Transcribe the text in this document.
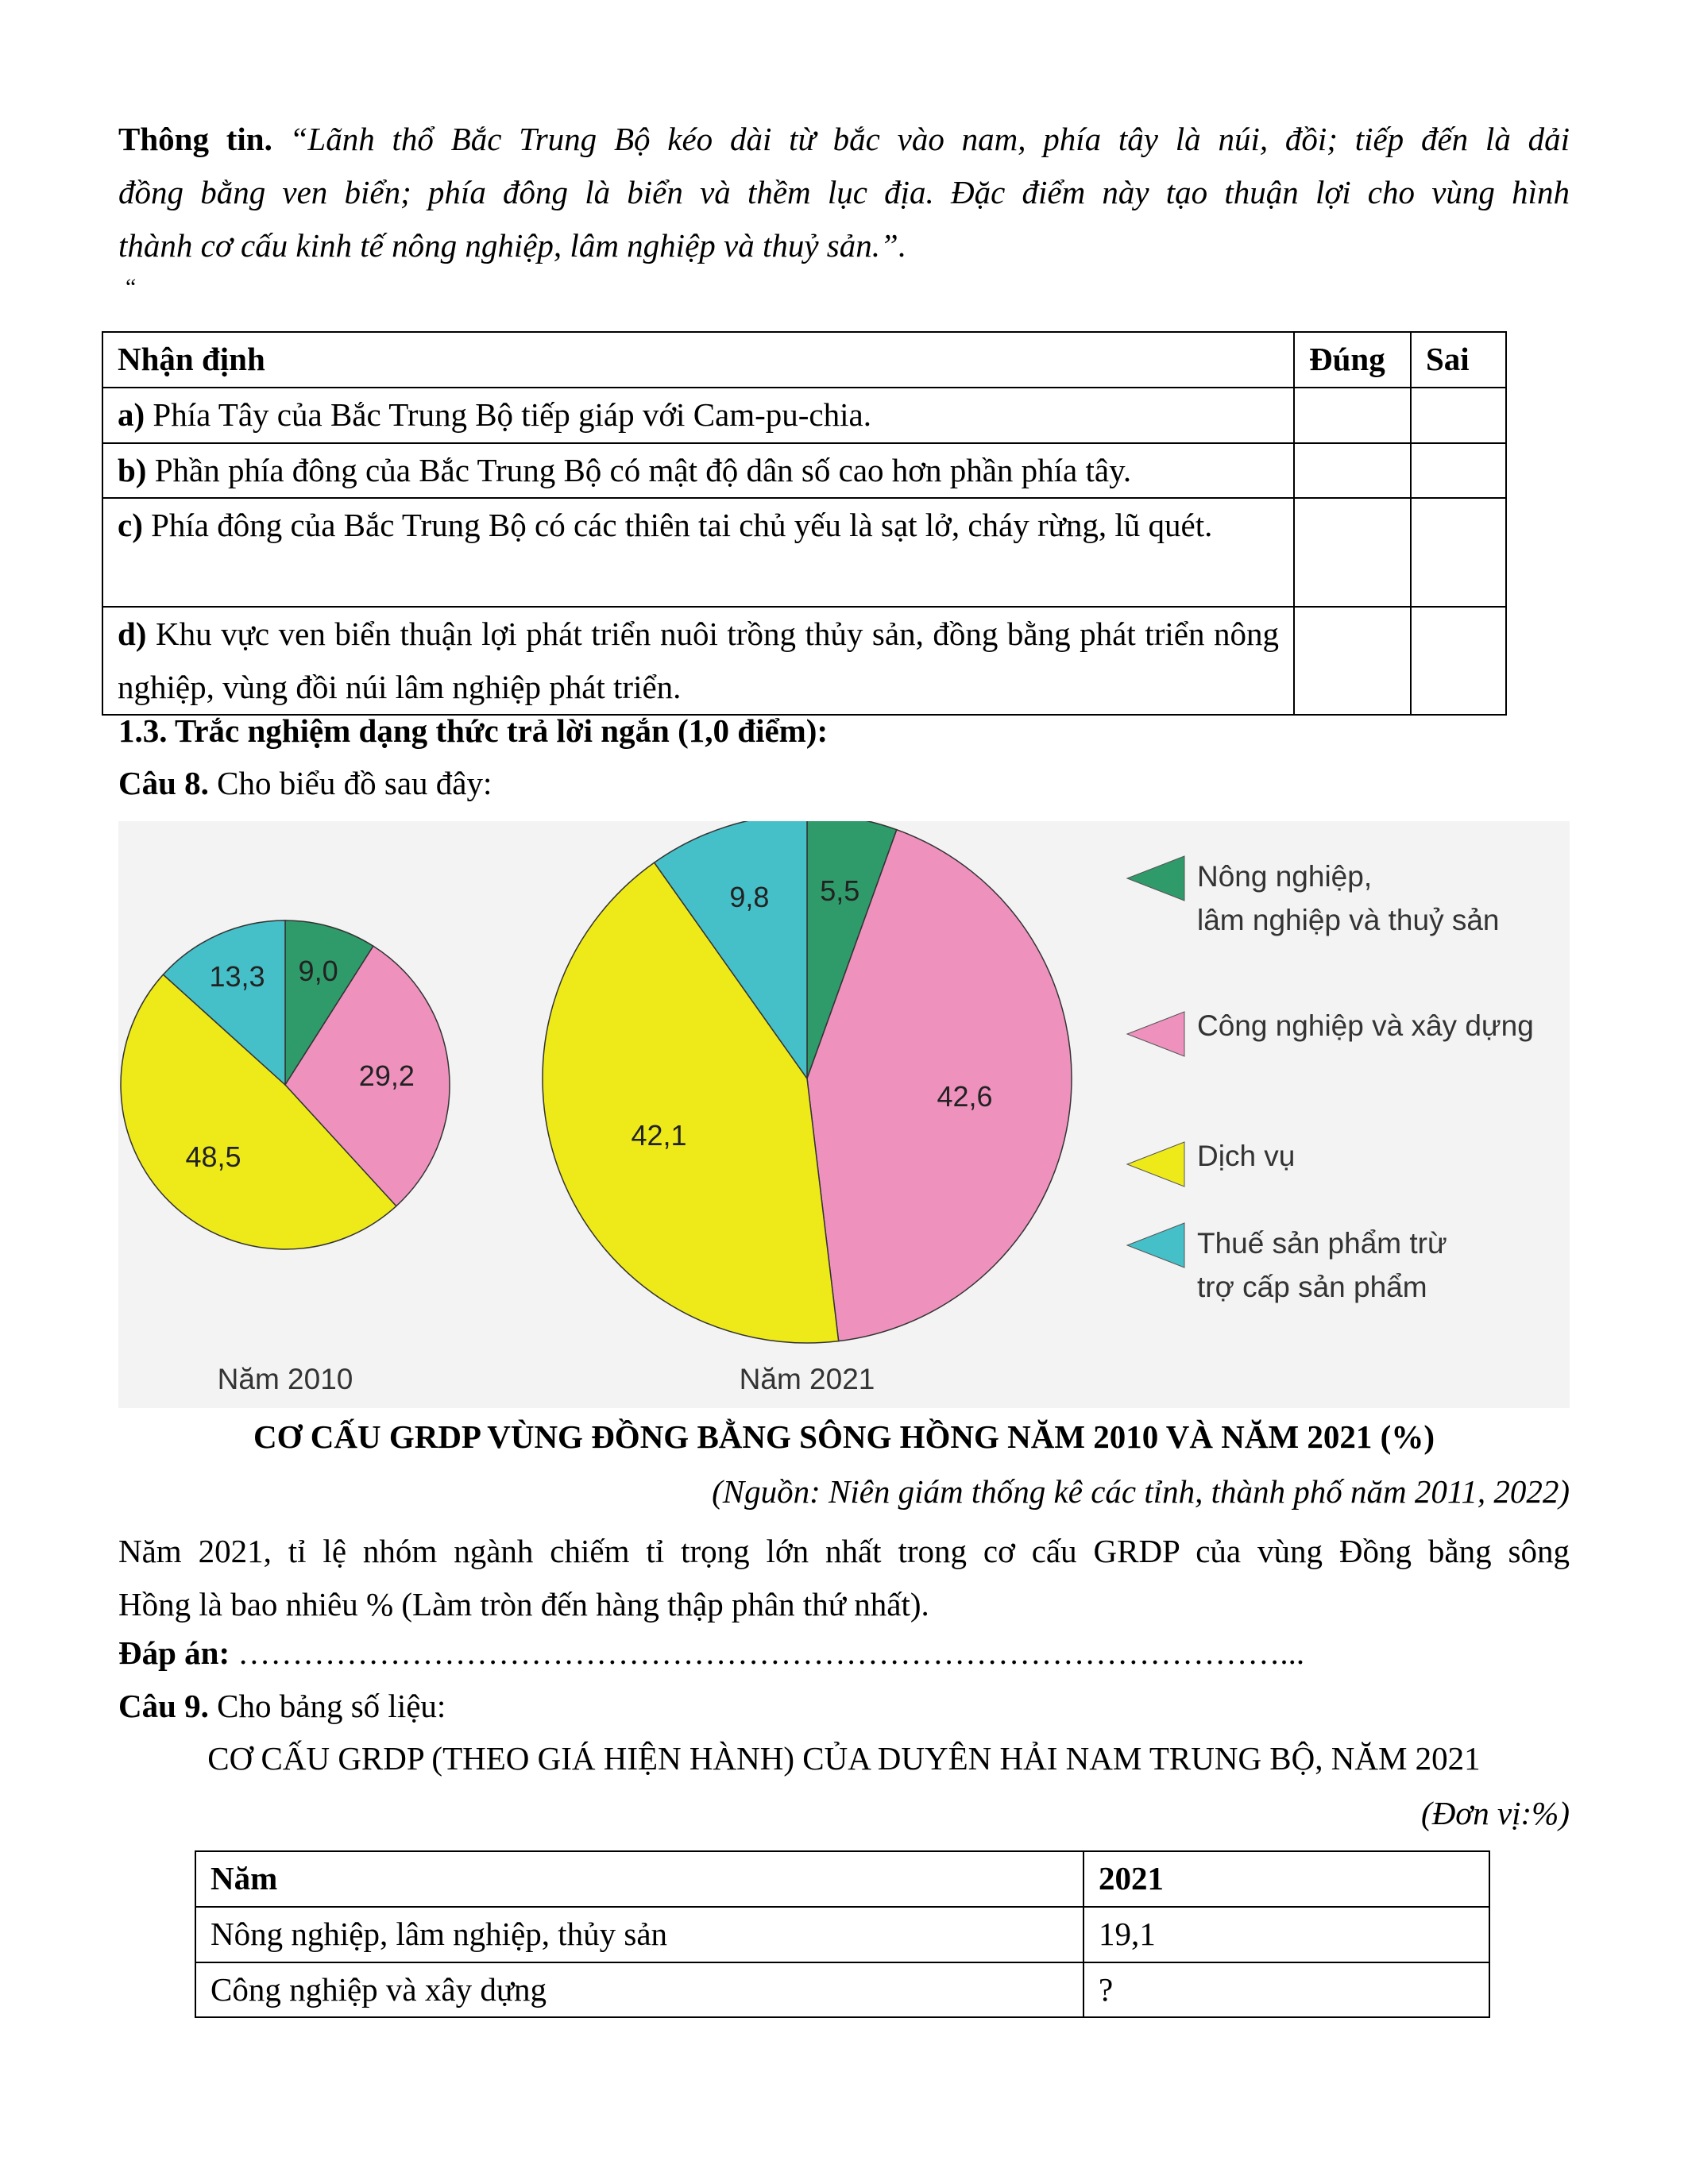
Thông tin. “Lãnh thổ Bắc Trung Bộ kéo dài từ bắc vào nam, phía tây là núi, đồi; tiếp đến là dải
đồng bằng ven biển; phía đông là biển và thềm lục địa. Đặc điểm này tạo thuận lợi cho vùng hình
thành cơ cấu kinh tế nông nghiệp, lâm nghiệp và thuỷ sản.”.
“
Nhận định	Đúng	Sai
a) Phía Tây của Bắc Trung Bộ tiếp giáp với Cam-pu-chia.		
b) Phần phía đông của Bắc Trung Bộ có mật độ dân số cao hơn phần phía tây.		
c) Phía đông của Bắc Trung Bộ có các thiên tai chủ yếu là sạt lở, cháy rừng, lũ quét.		
d) Khu vực ven biển thuận lợi phát triển nuôi trồng thủy sản, đồng bằng phát triển nông nghiệp, vùng đồi núi lâm nghiệp phát triển.		
1.3. Trắc nghiệm dạng thức trả lời ngắn (1,0 điểm):
Câu 8. Cho biểu đồ sau đây:
9,0
29,2
48,5
13,3
Năm 2010
5,5
42,6
42,1
9,8
Năm 2021
Nông nghiệp,
lâm nghiệp và thuỷ sản
Công nghiệp và xây dựng
Dịch vụ
Thuế sản phẩm trừ
trợ cấp sản phẩm
CƠ CẤU GRDP VÙNG ĐỒNG BẰNG SÔNG HỒNG NĂM 2010 VÀ NĂM 2021 (%)
(Nguồn: Niên giám thống kê các tỉnh, thành phố năm 2011, 2022)
Năm 2021, tỉ lệ nhóm ngành chiếm tỉ trọng lớn nhất trong cơ cấu GRDP của vùng Đồng bằng sông
Hồng là bao nhiêu % (Làm tròn đến hàng thập phân thứ nhất).
Đáp án: ……………………………………………………………………………………...
Câu 9. Cho bảng số liệu:
CƠ CẤU GRDP (THEO GIÁ HIỆN HÀNH) CỦA DUYÊN HẢI NAM TRUNG BỘ, NĂM 2021
(Đơn vị:%)
Năm	2021
Nông nghiệp, lâm nghiệp, thủy sản	19,1
Công nghiệp và xây dựng	?
